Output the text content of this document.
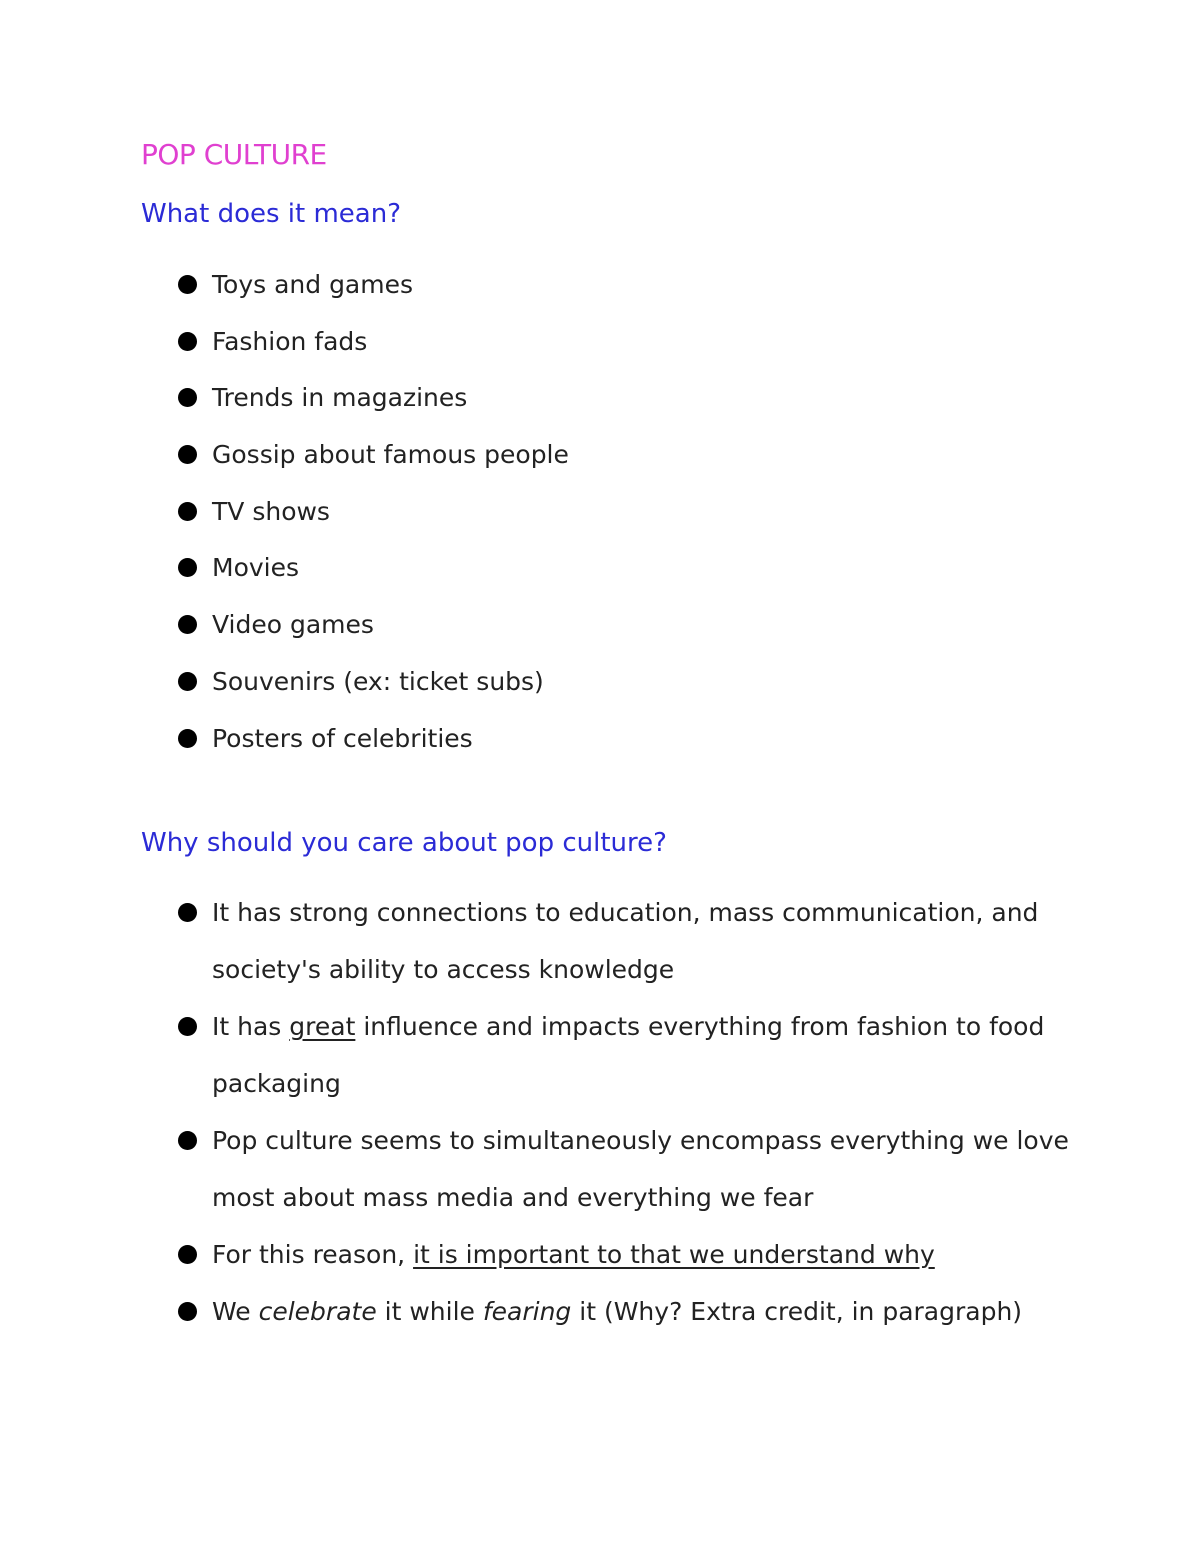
POP CULTURE
What does it mean?
Toys and games
Fashion fads
Trends in magazines
Gossip about famous people
TV shows
Movies
Video games
Souvenirs (ex: ticket subs)
Posters of celebrities
Why should you care about pop culture?
It has strong connections to education, mass communication, and society's ability to access knowledge
It has great influence and impacts everything from fashion to food packaging
Pop culture seems to simultaneously encompass everything we love most about mass media and everything we fear
For this reason, it is important to that we understand why
We celebrate it while fearing it (Why? Extra credit, in paragraph)
